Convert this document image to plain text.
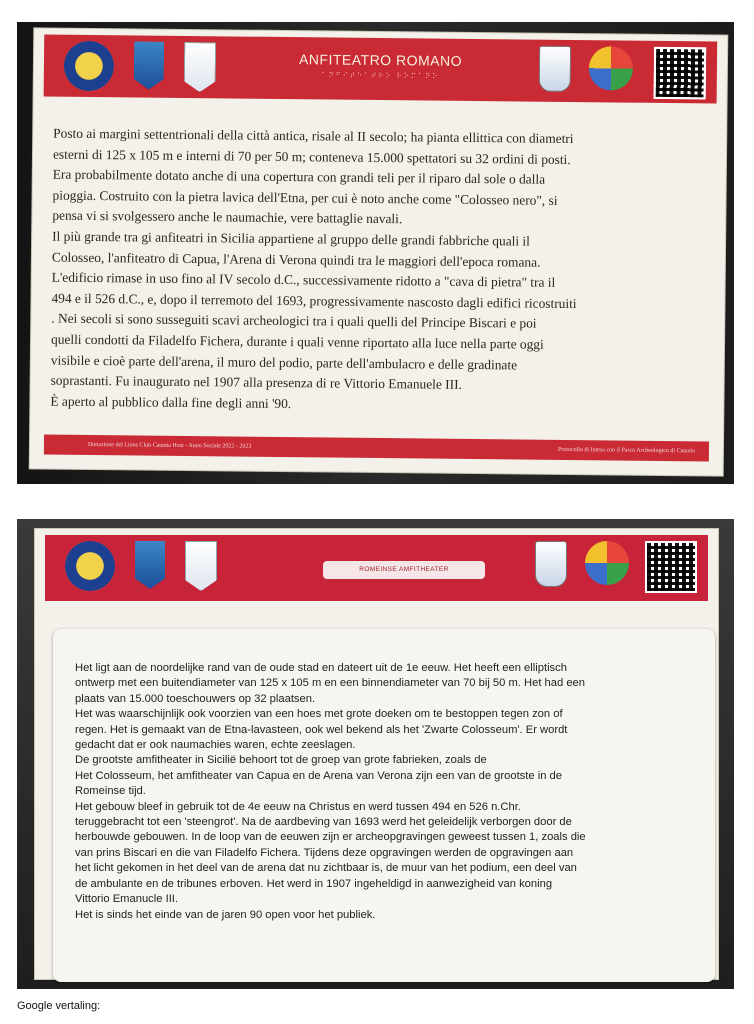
ANFITEATRO ROMANO
⠁⠝⠋⠊⠞⠑⠁⠞⠗⠕ ⠗⠕⠍⠁⠝⠕

Posto ai margini settentrionali della città antica, risale al II secolo; ha pianta ellittica con diametri

esterni di 125 x 105 m e interni di 70 per 50 m; conteneva 15.000 spettatori su 32 ordini di posti.

Era probabilmente dotato anche di una copertura con grandi teli per il riparo dal sole o dalla

pioggia. Costruito con la pietra lavica dell'Etna, per cui è noto anche come "Colosseo nero", si

pensa vi si svolgessero anche le naumachie, vere battaglie navali.

Il più grande tra gi anfiteatri in Sicilia appartiene al gruppo delle grandi fabbriche quali il

Colosseo, l'anfiteatro di Capua, l'Arena di Verona quindi tra le maggiori dell'epoca romana.

L'edificio rimase in uso fino al IV secolo d.C., successivamente ridotto a "cava di pietra" tra il

494 e il 526 d.C., e, dopo il terremoto del 1693, progressivamente nascosto dagli edifici ricostruiti

. Nei secoli si sono susseguiti scavi archeologici tra i quali quelli del Principe Biscari e poi

quelli condotti da Filadelfo Fichera, durante i quali venne riportato alla luce nella parte oggi

visibile e cioè parte dell'arena, il muro del podio, parte dell'ambulacro e delle gradinate

soprastanti. Fu inaugurato nel 1907 alla presenza di re Vittorio Emanuele III.

È aperto al pubblico dalla fine degli anni '90.

Donazione del Lions Club Catania Host - Anno Sociale 2022 - 2023
Protocollo di Intesa con il Parco Archeologico di Catania
ROMEINSE AMFITHEATER

Het ligt aan de noordelijke rand van de oude stad en dateert uit de 1e eeuw. Het heeft een elliptisch

ontwerp met een buitendiameter van 125 x 105 m en een binnendiameter van 70 bij 50 m. Het had een

plaats van 15.000 toeschouwers op 32 plaatsen.

Het was waarschijnlijk ook voorzien van een hoes met grote doeken om te bestoppen tegen zon of

regen. Het is gemaakt van de Etna-lavasteen, ook wel bekend als het 'Zwarte Colosseum'. Er wordt

gedacht dat er ook naumachies waren, echte zeeslagen.

De grootste amfitheater in Sicilië behoort tot de groep van grote fabrieken, zoals de

Het Colosseum, het amfitheater van Capua en de Arena van Verona zijn een van de grootste in de

Romeinse tijd.

Het gebouw bleef in gebruik tot de 4e eeuw na Christus en werd tussen 494 en 526 n.Chr.

teruggebracht tot een 'steengrot'. Na de aardbeving van 1693 werd het geleidelijk verborgen door de

herbouwde gebouwen. In de loop van de eeuwen zijn er archeopgravingen geweest tussen 1, zoals die

van prins Biscari en die van Filadelfo Fichera. Tijdens deze opgravingen werden de opgravingen aan

het licht gekomen in het deel van de arena dat nu zichtbaar is, de muur van het podium, een deel van

de ambulante en de tribunes erboven. Het werd in 1907 ingeheldigd in aanwezigheid van koning

Vittorio Emanucle III.

Het is sinds het einde van de jaren 90 open voor het publiek.

Google vertaling:
